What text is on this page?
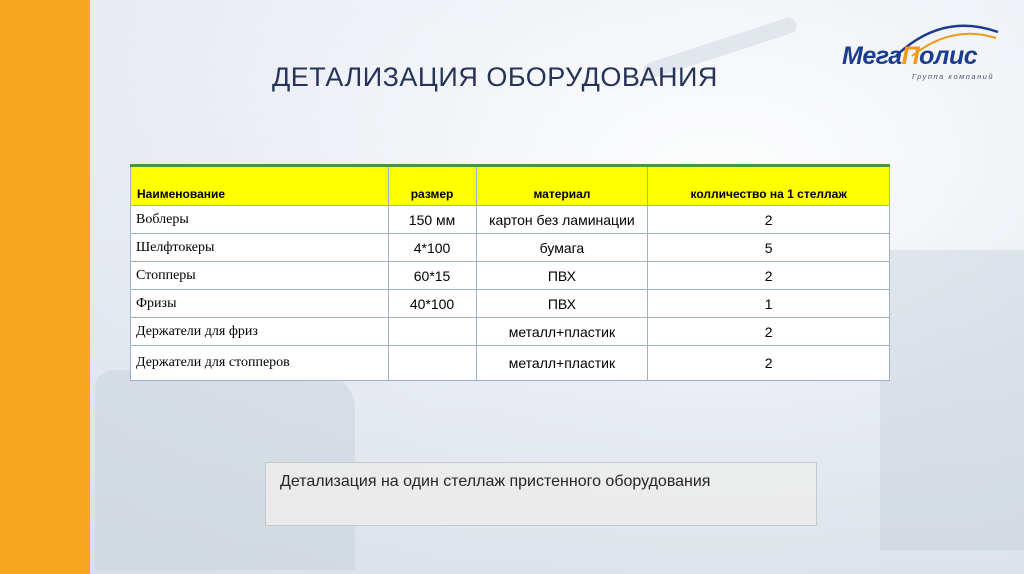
ДЕТАЛИЗАЦИЯ ОБОРУДОВАНИЯ
МегаПолис
Группа компаний
Наименование	размер	материал	колличество на 1 стеллаж
Воблеры	150 мм	картон без ламинации	2
Шелфтокеры	4*100	бумага	5
Стопперы	60*15	ПВХ	2
Фризы	40*100	ПВХ	1
Держатели для фриз		металл+пластик	2
Держатели для стопперов		металл+пластик	2
Детализация на один стеллаж пристенного оборудования
